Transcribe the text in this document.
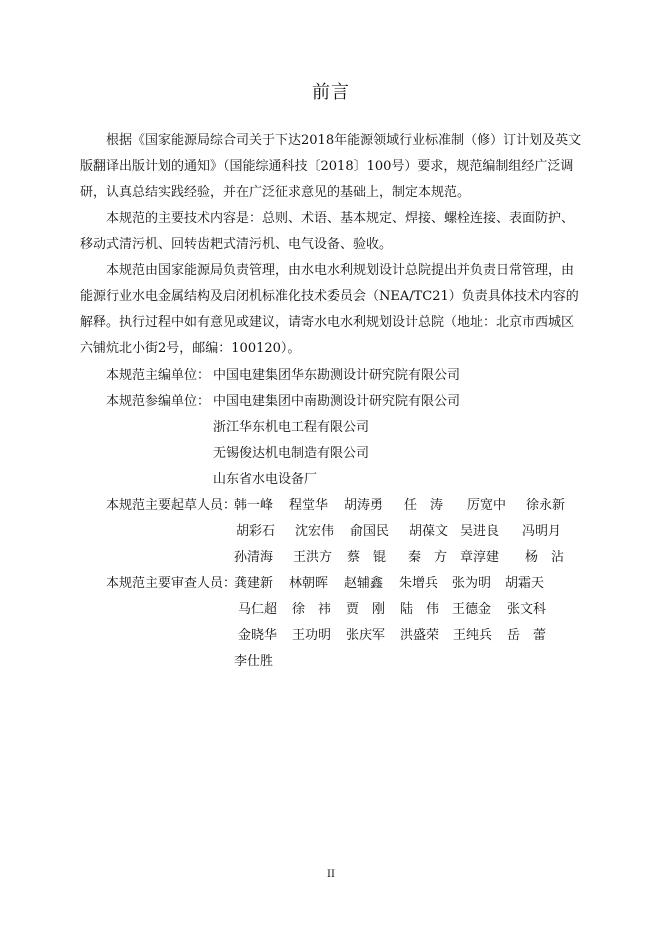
前言

根据《国家能源局综合司关于下达2018年能源领域行业标准制（修）订计划及英文版翻译出版计划的通知》（国能综通科技〔2018〕100号）要求，规范编制组经广泛调研，认真总结实践经验，并在广泛征求意见的基础上，制定本规范。

本规范的主要技术内容是：总则、术语、基本规定、焊接、螺栓连接、表面防护、移动式清污机、回转齿耙式清污机、电气设备、验收。

本规范由国家能源局负责管理，由水电水利规划设计总院提出并负责日常管理，由能源行业水电金属结构及启闭机标准化技术委员会（NEA/TC21）负责具体技术内容的解释。执行过程中如有意见或建议，请寄水电水利规划设计总院（地址：北京市西城区六铺炕北小街2号，邮编：100120）。

本规范主编单位： 中国电建集团华东勘测设计研究院有限公司
本规范参编单位： 中国电建集团中南勘测设计研究院有限公司
浙江华东机电工程有限公司
无锡俊达机电制造有限公司
山东省水电设备厂
本规范主要起草人员：
韩一峰 程堂华 胡涛勇 任　涛 厉宽中 徐永新
胡彩石 沈宏伟 俞国民 胡葆文 吴进良 冯明月
孙清海 王洪方 蔡　锟 秦　方 章淳建 杨　沾
本规范主要审查人员：
龚建新 林朝晖 赵辅鑫 朱增兵 张为明 胡霜天
马仁超 徐　祎 贾　刚 陆　伟 王德金 张文科
金晓华 王功明 张庆军 洪盛荣 王纯兵 岳　蕾
李仕胜
II
